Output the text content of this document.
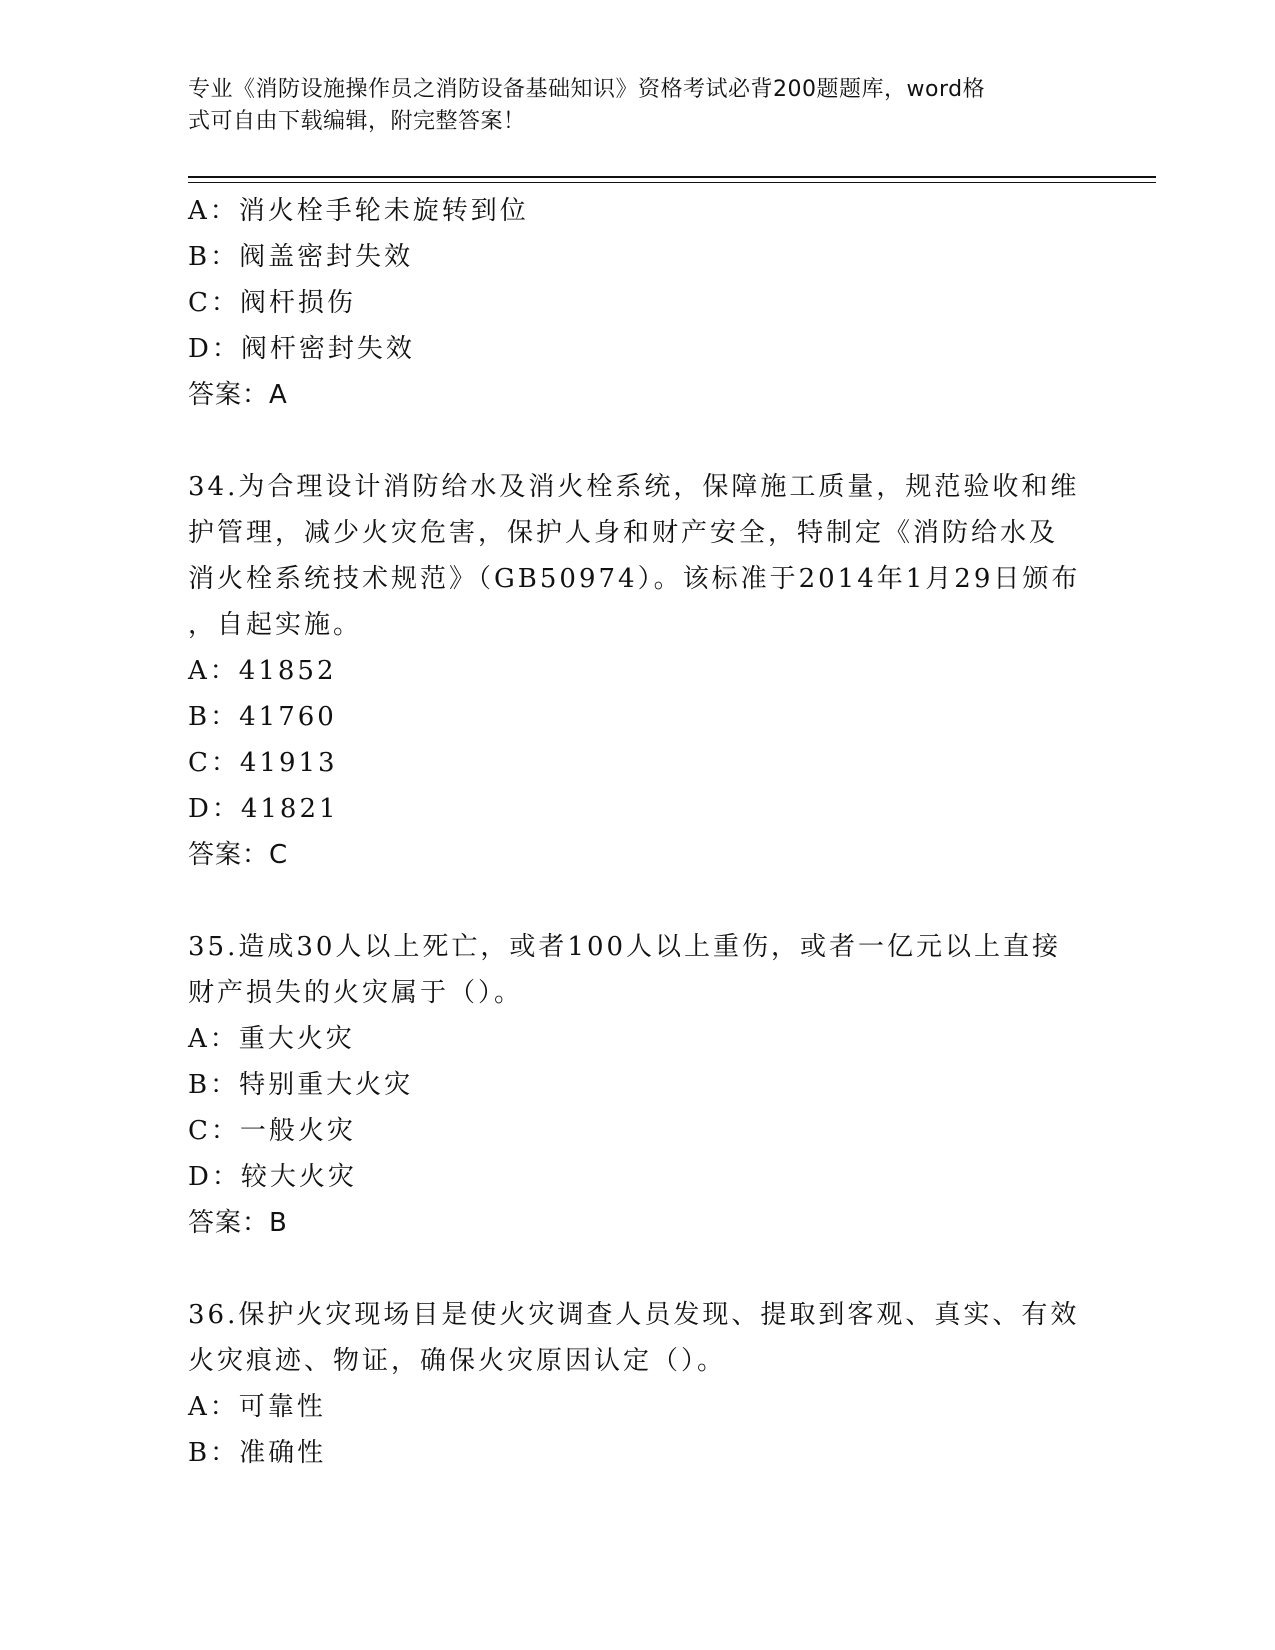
专业《消防设施操作员之消防设备基础知识》资格考试必背200题题库，word格
式可自由下载编辑，附完整答案！
A：消火栓手轮未旋转到位
B：阀盖密封失效
C：阀杆损伤
D：阀杆密封失效
答案：A
34.为合理设计消防给水及消火栓系统，保障施工质量，规范验收和维
护管理，减少火灾危害，保护人身和财产安全，特制定《消防给水及
消火栓系统技术规范》（GB50974）。该标准于2014年1月29日颁布
，自起实施。
A：41852
B：41760
C：41913
D：41821
答案：C
35.造成30人以上死亡，或者100人以上重伤，或者一亿元以上直接
财产损失的火灾属于（）。
A：重大火灾
B：特别重大火灾
C：一般火灾
D：较大火灾
答案：B
36.保护火灾现场目是使火灾调查人员发现、提取到客观、真实、有效
火灾痕迹、物证，确保火灾原因认定（）。
A：可靠性
B：准确性
